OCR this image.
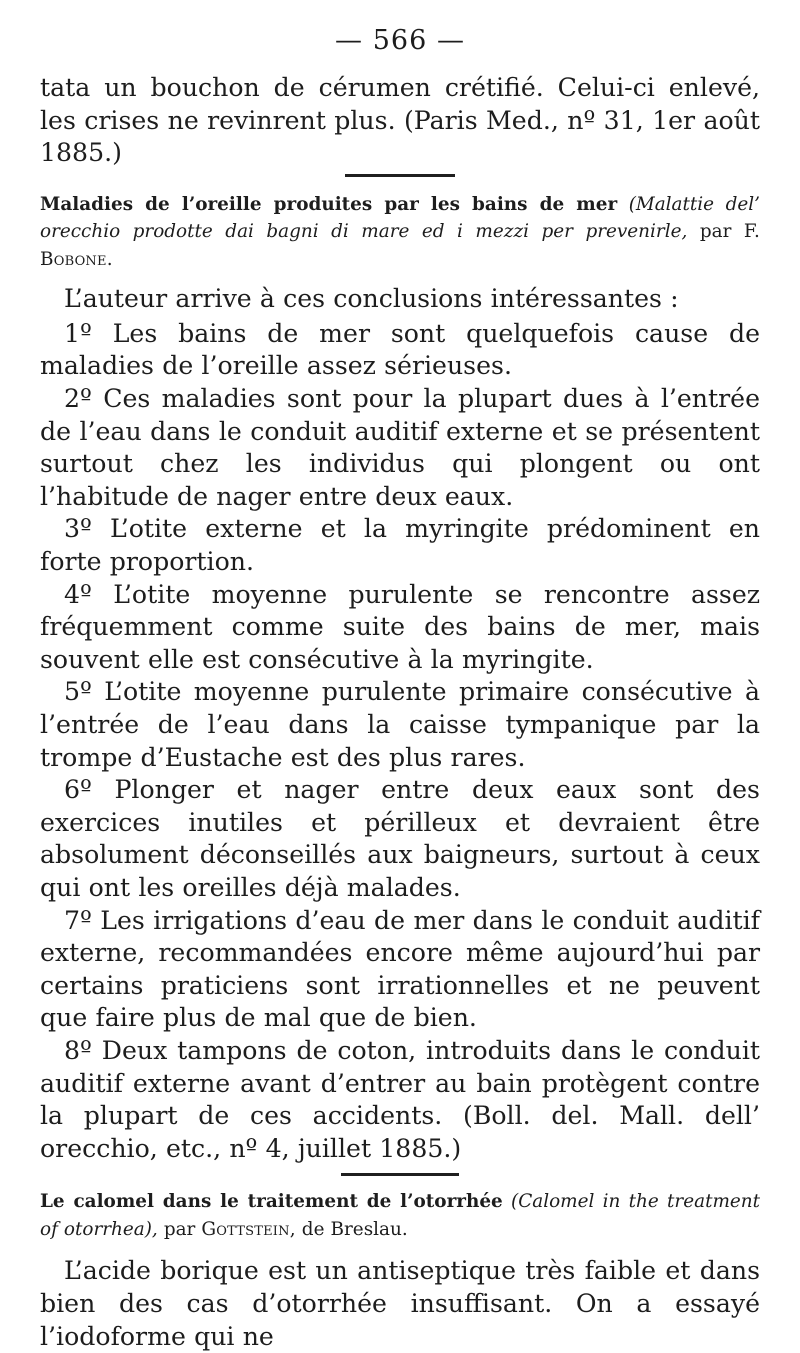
— 566 —

tata un bouchon de cérumen crétifié. Celui-ci enlevé, les crises ne revinrent plus. (Paris Med., nº 31, 1er août 1885.)

Maladies de l’oreille produites par les bains de mer (Malattie del’ orecchio prodotte dai bagni di mare ed i mezzi per prevenirle, par F. Bobone.

L’auteur arrive à ces conclusions intéressantes :

1º Les bains de mer sont quelquefois cause de maladies de l’oreille assez sérieuses.

2º Ces maladies sont pour la plupart dues à l’entrée de l’eau dans le conduit auditif externe et se présentent surtout chez les individus qui plongent ou ont l’habitude de nager entre deux eaux.

3º L’otite externe et la myringite prédominent en forte proportion.

4º L’otite moyenne purulente se rencontre assez fréquemment comme suite des bains de mer, mais souvent elle est consécutive à la myringite.

5º L’otite moyenne purulente primaire consécutive à l’entrée de l’eau dans la caisse tympanique par la trompe d’Eustache est des plus rares.

6º Plonger et nager entre deux eaux sont des exercices inutiles et périlleux et devraient être absolument déconseillés aux baigneurs, surtout à ceux qui ont les oreilles déjà malades.

7º Les irrigations d’eau de mer dans le conduit auditif externe, recommandées encore même aujourd’hui par certains praticiens sont irrationnelles et ne peuvent que faire plus de mal que de bien.

8º Deux tampons de coton, introduits dans le conduit auditif externe avant d’entrer au bain protègent contre la plupart de ces accidents. (Boll. del. Mall. dell’ orecchio, etc., nº 4, juillet 1885.)

Le calomel dans le traitement de l’otorrhée (Calomel in the treatment of otorrhea), par Gottstein, de Breslau.

L’acide borique est un antiseptique très faible et dans bien des cas d’otorrhée insuffisant. On a essayé l’iodoforme qui ne
